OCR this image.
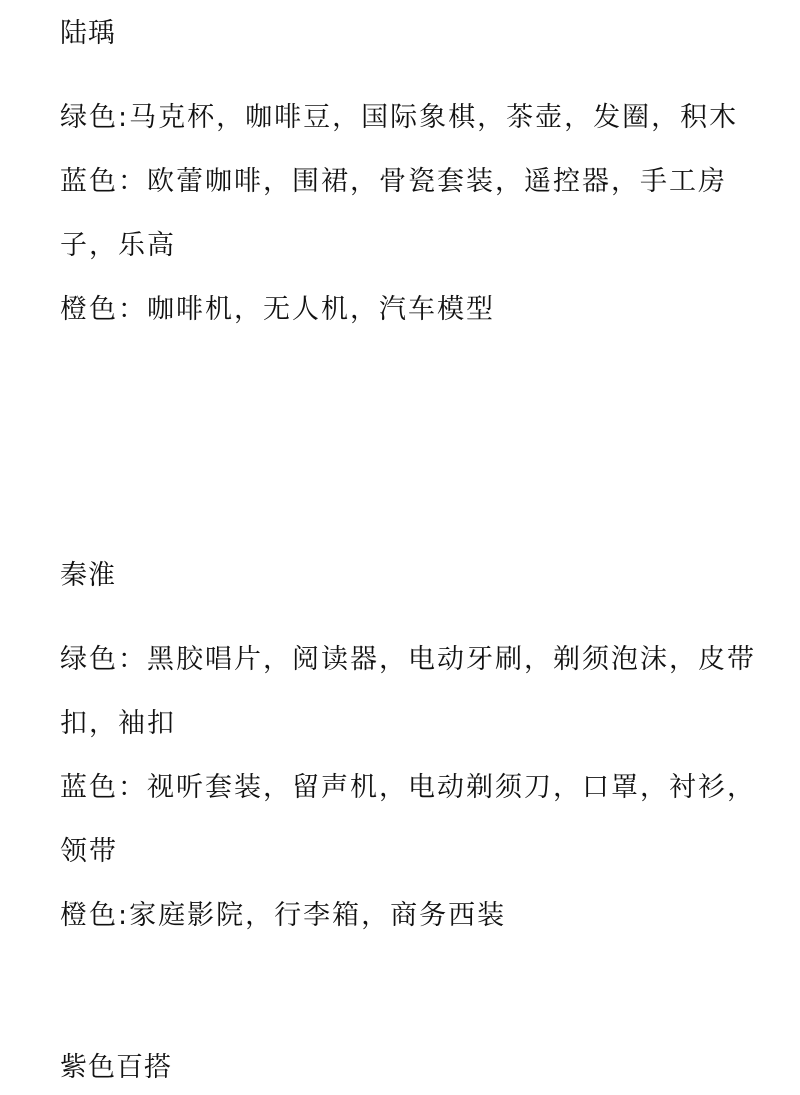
陆瑀

绿色:马克杯，咖啡豆，国际象棋，茶壶，发圈，积木

蓝色：欧蕾咖啡，围裙，骨瓷套装，遥控器，手工房子，乐高

橙色：咖啡机，无人机，汽车模型

秦淮

绿色：黑胶唱片，阅读器，电动牙刷，剃须泡沫，皮带扣，袖扣

蓝色：视听套装，留声机，电动剃须刀，口罩，衬衫，领带

橙色:家庭影院，行李箱，商务西装

紫色百搭
